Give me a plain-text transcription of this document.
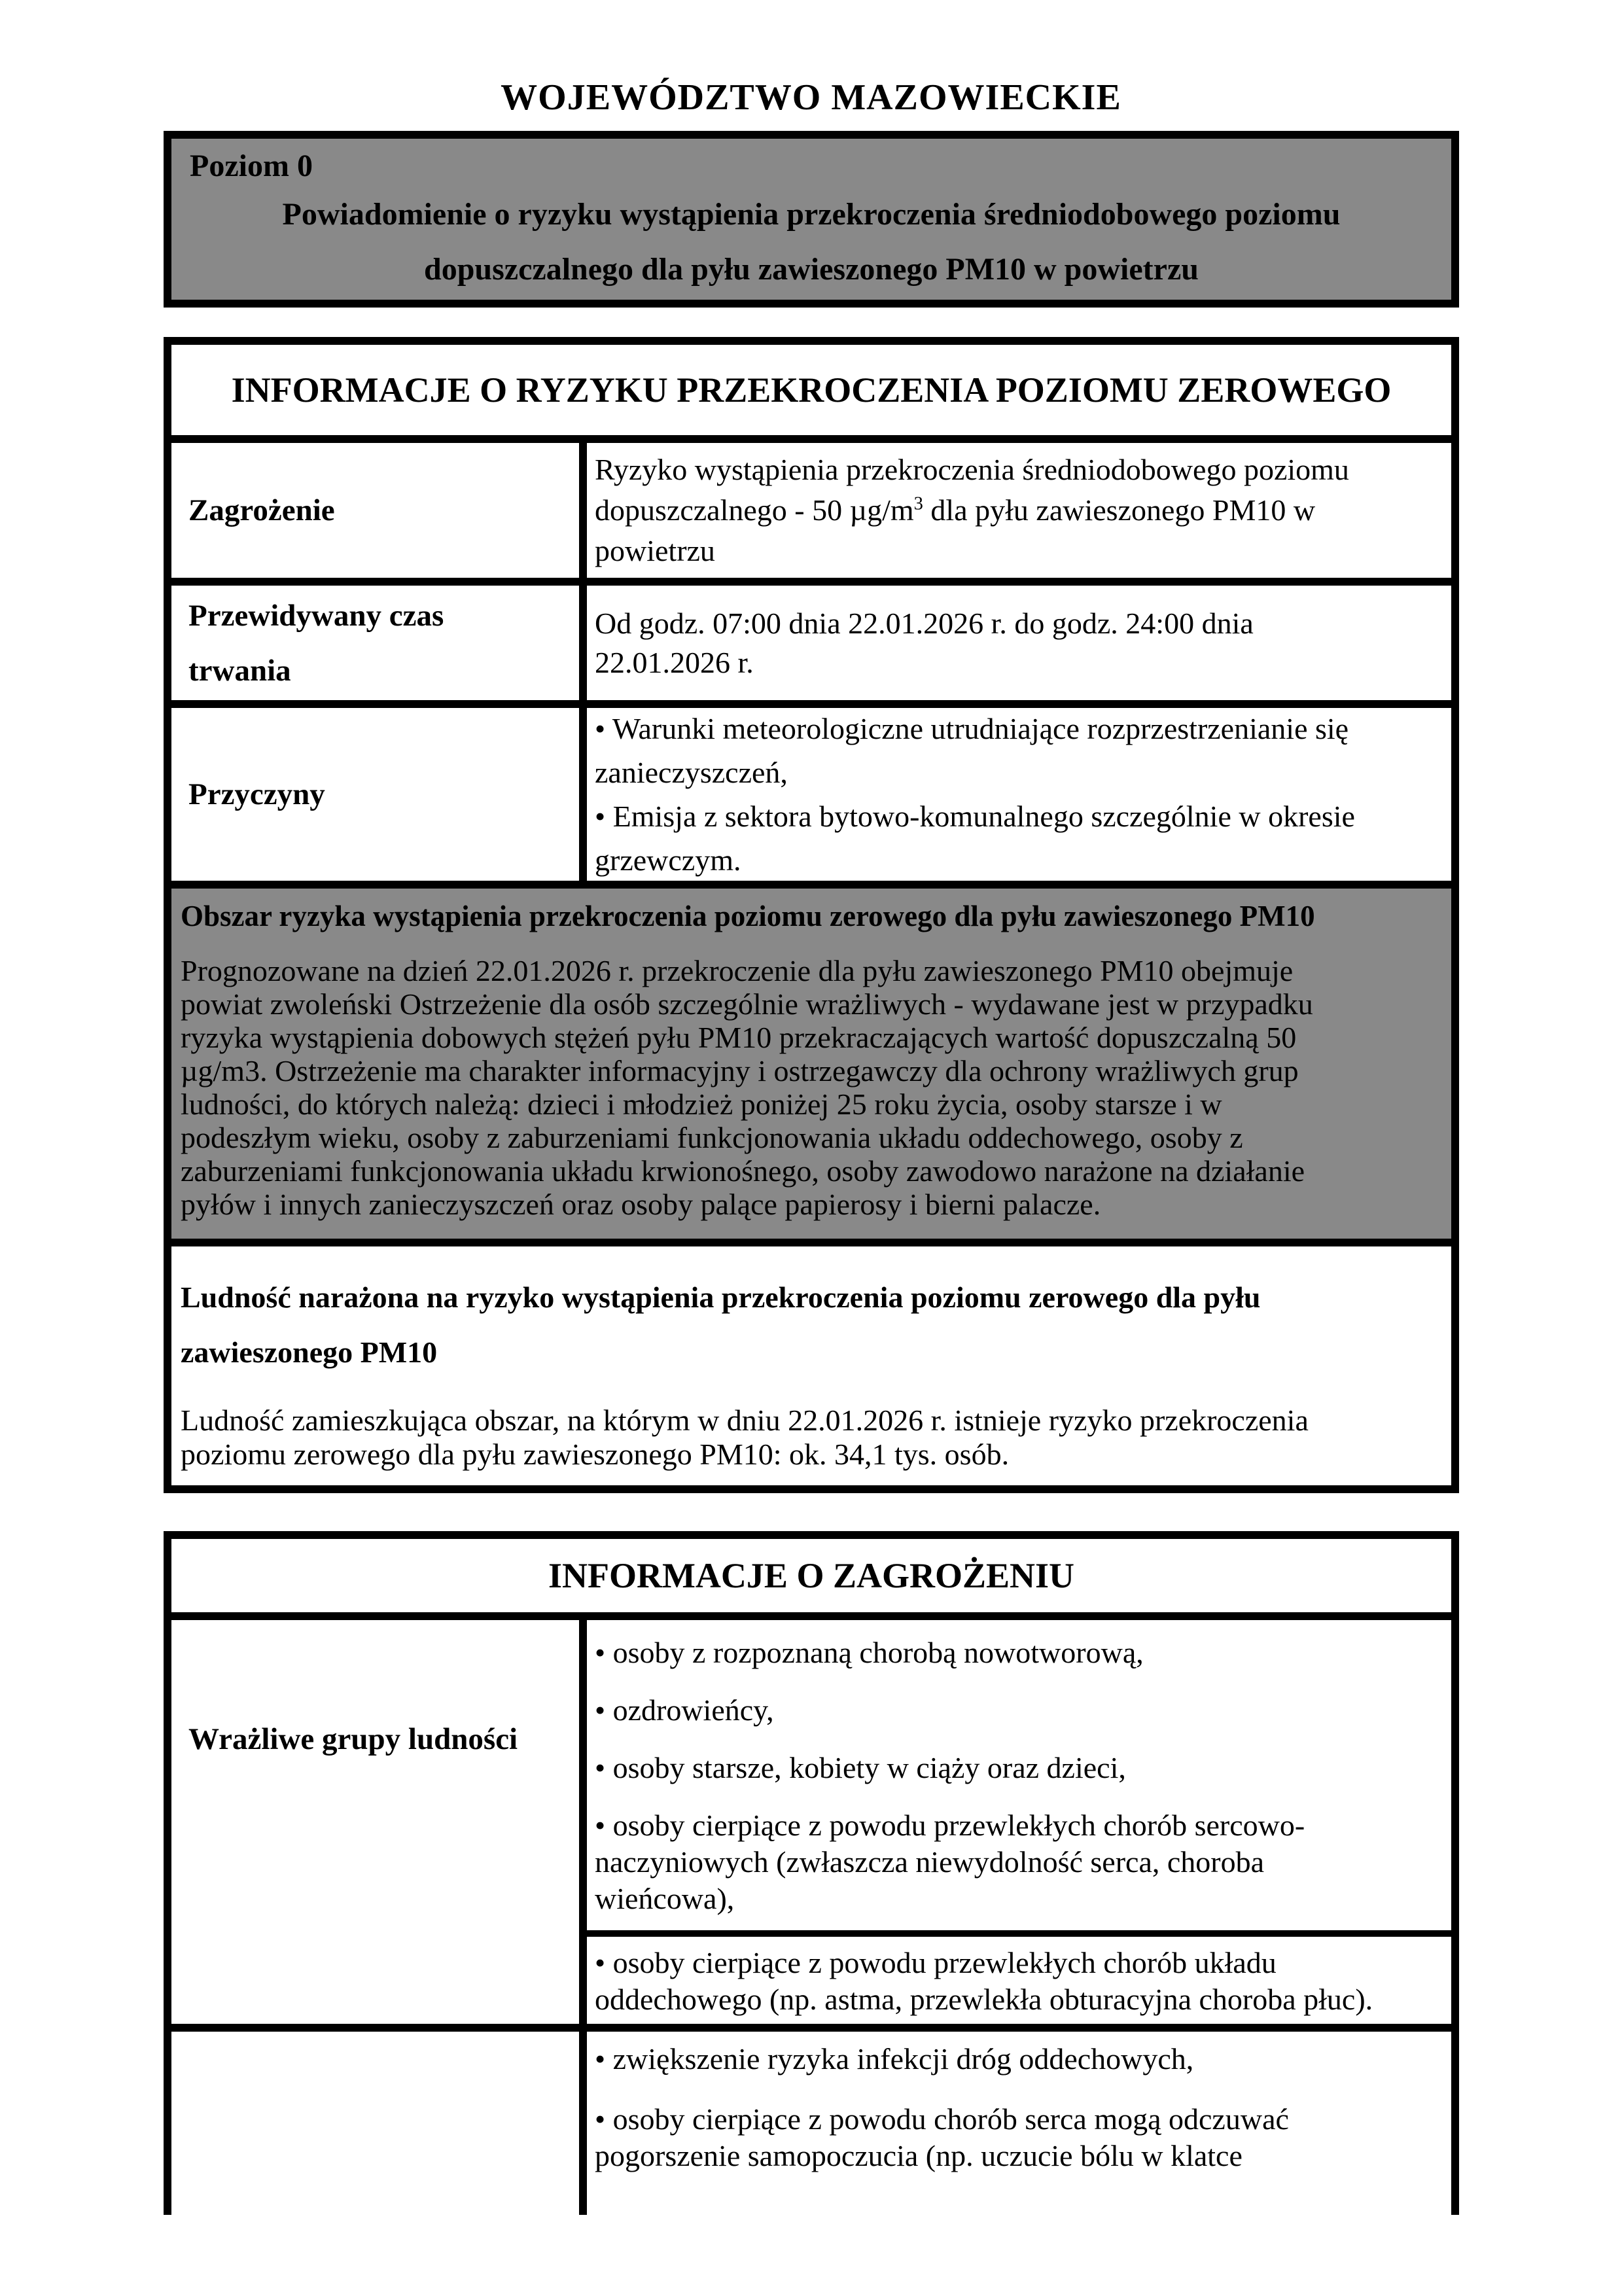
WOJEWÓDZTWO MAZOWIECKIE
Poziom 0
Powiadomienie o ryzyku wystąpienia przekroczenia średniodobowego poziomu
dopuszczalnego dla pyłu zawieszonego PM10 w powietrzu
INFORMACJE O RYZYKU PRZEKROCZENIA POZIOMU ZEROWEGO
Zagrożenie
Ryzyko wystąpienia przekroczenia średniodobowego poziomu
dopuszczalnego - 50 $\mu g/m^3$ dla pyłu zawieszonego PM10 w
powietrzu
Przewidywany czas
trwania
Od godz. 07:00 dnia 22.01.2026 r. do godz. 24:00 dnia
22.01.2026 r.
Przyczyny
• Warunki meteorologiczne utrudniające rozprzestrzenianie się
zanieczyszczeń,
• Emisja z sektora bytowo-komunalnego szczególnie w okresie
grzewczym.
Obszar ryzyka wystąpienia przekroczenia poziomu zerowego dla pyłu zawieszonego PM10
Prognozowane na dzień 22.01.2026 r. przekroczenie dla pyłu zawieszonego PM10 obejmuje
powiat zwoleński Ostrzeżenie dla osób szczególnie wrażliwych - wydawane jest w przypadku
ryzyka wystąpienia dobowych stężeń pyłu PM10 przekraczających wartość dopuszczalną 50
µg/m3. Ostrzeżenie ma charakter informacyjny i ostrzegawczy dla ochrony wrażliwych grup
ludności, do których należą: dzieci i młodzież poniżej 25 roku życia, osoby starsze i w
podeszłym wieku, osoby z zaburzeniami funkcjonowania układu oddechowego, osoby z
zaburzeniami funkcjonowania układu krwionośnego, osoby zawodowo narażone na działanie
pyłów i innych zanieczyszczeń oraz osoby palące papierosy i bierni palacze.
Ludność narażona na ryzyko wystąpienia przekroczenia poziomu zerowego dla pyłu
zawieszonego PM10
Ludność zamieszkująca obszar, na którym w dniu 22.01.2026 r. istnieje ryzyko przekroczenia
poziomu zerowego dla pyłu zawieszonego PM10: ok. 34,1 tys. osób.
INFORMACJE O ZAGROŻENIU
Wrażliwe grupy ludności
• osoby z rozpoznaną chorobą nowotworową,
• ozdrowieńcy,
• osoby starsze, kobiety w ciąży oraz dzieci,
• osoby cierpiące z powodu przewlekłych chorób sercowo-
naczyniowych (zwłaszcza niewydolność serca, choroba
wieńcowa),
• osoby cierpiące z powodu przewlekłych chorób układu
oddechowego (np. astma, przewlekła obturacyjna choroba płuc).
• zwiększenie ryzyka infekcji dróg oddechowych,
• osoby cierpiące z powodu chorób serca mogą odczuwać
pogorszenie samopoczucia (np. uczucie bólu w klatce
